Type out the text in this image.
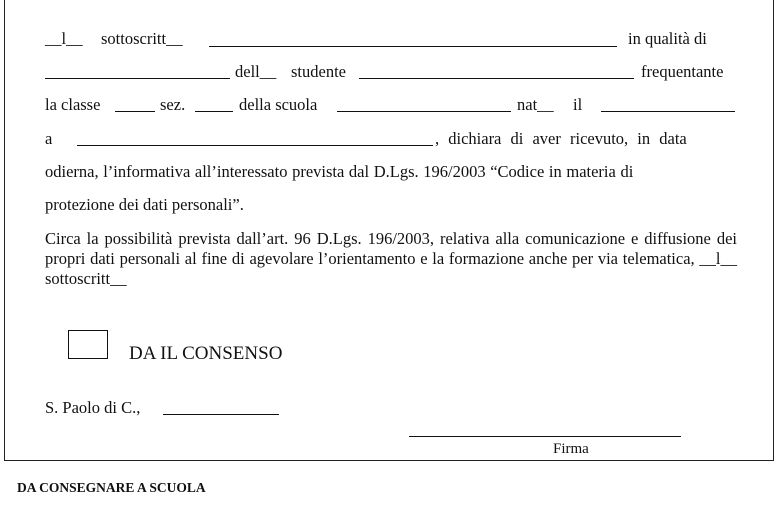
__l__ sottoscritt__	in qualità di
dell__ studente	frequentante
la classe	sez.	della scuola	nat__ il
a	, dichiara di aver ricevuto, in data
odierna, l’informativa all’interessato prevista dal D.Lgs. 196/2003 “Codice in materia di
protezione dei dati personali”.

Circa la possibilità prevista dall’art. 96 D.Lgs. 196/2003, relativa alla comunicazione e diffusione dei propri dati personali al fine di agevolare l’orientamento e la formazione anche per via telematica, __l__ sottoscritt__

DA IL CONSENSO
S. Paolo di C.,
Firma
DA CONSEGNARE A SCUOLA
